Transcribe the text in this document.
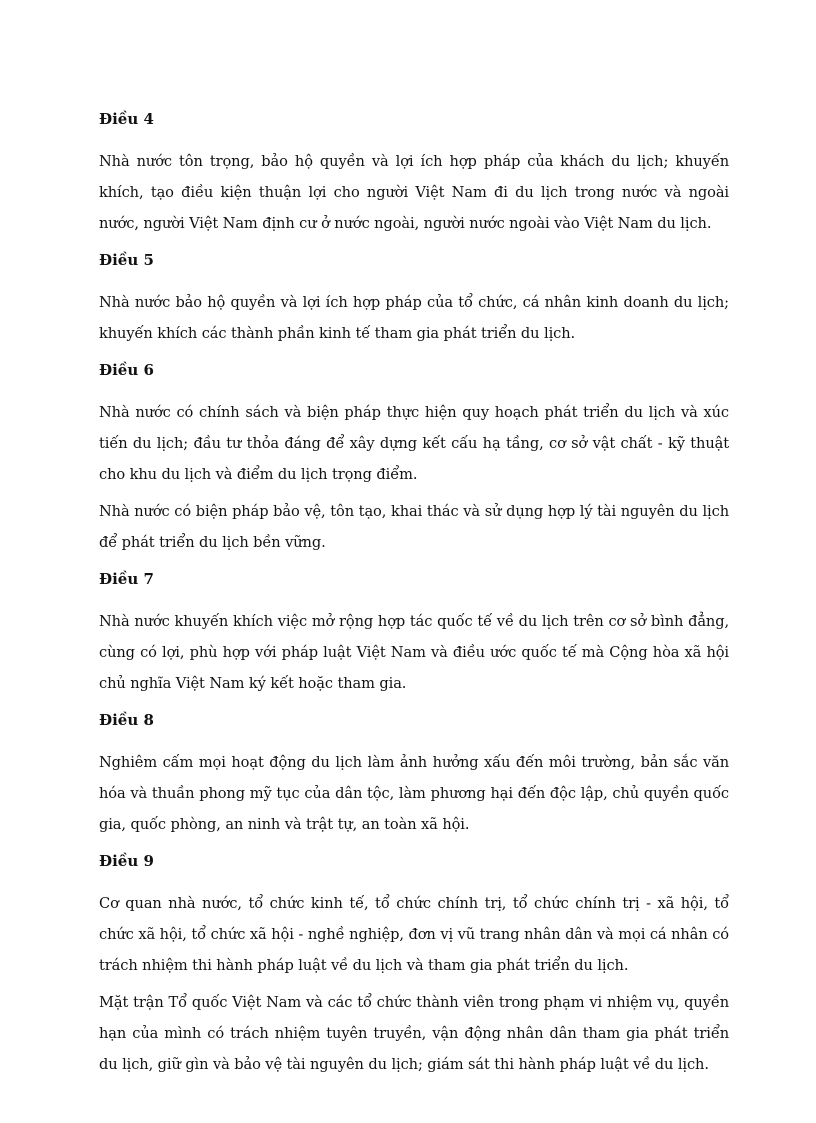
Điều 4

Nhà nước tôn trọng, bảo hộ quyền và lợi ích hợp pháp của khách du lịch; khuyến khích, tạo điều kiện thuận lợi cho người Việt Nam đi du lịch trong nước và ngoài nước, người Việt Nam định cư ở nước ngoài, người nước ngoài vào Việt Nam du lịch.

Điều 5

Nhà nước bảo hộ quyền và lợi ích hợp pháp của tổ chức, cá nhân kinh doanh du lịch; khuyến khích các thành phần kinh tế tham gia phát triển du lịch.

Điều 6

Nhà nước có chính sách và biện pháp thực hiện quy hoạch phát triển du lịch và xúc tiến du lịch; đầu tư thỏa đáng để xây dựng kết cấu hạ tầng, cơ sở vật chất - kỹ thuật cho khu du lịch và điểm du lịch trọng điểm.

Nhà nước có biện pháp bảo vệ, tôn tạo, khai thác và sử dụng hợp lý tài nguyên du lịch để phát triển du lịch bền vững.

Điều 7

Nhà nước khuyến khích việc mở rộng hợp tác quốc tế về du lịch trên cơ sở bình đẳng, cùng có lợi, phù hợp với pháp luật Việt Nam và điều ước quốc tế mà Cộng hòa xã hội chủ nghĩa Việt Nam ký kết hoặc tham gia.

Điều 8

Nghiêm cấm mọi hoạt động du lịch làm ảnh hưởng xấu đến môi trường, bản sắc văn hóa và thuần phong mỹ tục của dân tộc, làm phương hại đến độc lập, chủ quyền quốc gia, quốc phòng, an ninh và trật tự, an toàn xã hội.

Điều 9

Cơ quan nhà nước, tổ chức kinh tế, tổ chức chính trị, tổ chức chính trị - xã hội, tổ chức xã hội, tổ chức xã hội - nghề nghiệp, đơn vị vũ trang nhân dân và mọi cá nhân có trách nhiệm thi hành pháp luật về du lịch và tham gia phát triển du lịch.

Mặt trận Tổ quốc Việt Nam và các tổ chức thành viên trong phạm vi nhiệm vụ, quyền hạn của mình có trách nhiệm tuyên truyền, vận động nhân dân tham gia phát triển du lịch, giữ gìn và bảo vệ tài nguyên du lịch; giám sát thi hành pháp luật về du lịch.
